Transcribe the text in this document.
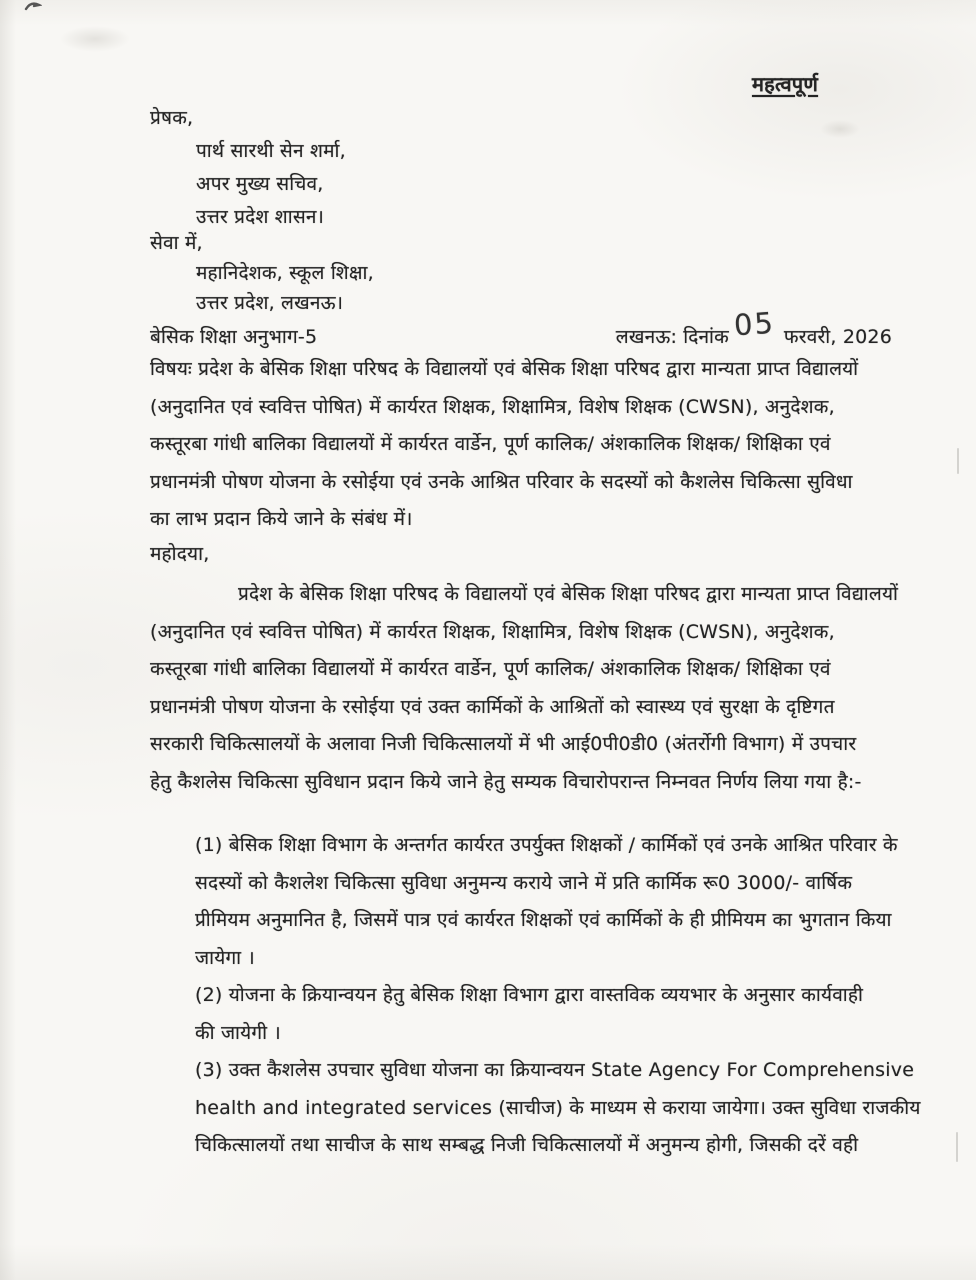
महत्वपूर्ण
प्रेषक,
पार्थ सारथी सेन शर्मा,
अपर मुख्य सचिव,
उत्तर प्रदेश शासन।
सेवा में,
महानिदेशक, स्कूल शिक्षा,
उत्तर प्रदेश, लखनऊ।
बेसिक शिक्षा अनुभाग-5	लखनऊ: दिनांक 05 फरवरी, 2026
विषयः प्रदेश के बेसिक शिक्षा परिषद के विद्यालयों एवं बेसिक शिक्षा परिषद द्वारा मान्यता प्राप्त विद्यालयों
(अनुदानित एवं स्ववित्त पोषित) में कार्यरत शिक्षक, शिक्षामित्र, विशेष शिक्षक (CWSN), अनुदेशक,
कस्तूरबा गांधी बालिका विद्यालयों में कार्यरत वार्डेन, पूर्ण कालिक/ अंशकालिक शिक्षक/ शिक्षिका एवं
प्रधानमंत्री पोषण योजना के रसोईया एवं उनके आश्रित परिवार के सदस्यों को कैशलेस चिकित्सा सुविधा
का लाभ प्रदान किये जाने के संबंध में।
महोदया,
प्रदेश के बेसिक शिक्षा परिषद के विद्यालयों एवं बेसिक शिक्षा परिषद द्वारा मान्यता प्राप्त विद्यालयों
(अनुदानित एवं स्ववित्त पोषित) में कार्यरत शिक्षक, शिक्षामित्र, विशेष शिक्षक (CWSN), अनुदेशक,
कस्तूरबा गांधी बालिका विद्यालयों में कार्यरत वार्डेन, पूर्ण कालिक/ अंशकालिक शिक्षक/ शिक्षिका एवं
प्रधानमंत्री पोषण योजना के रसोईया एवं उक्त कार्मिकों के आश्रितों को स्वास्थ्य एवं सुरक्षा के दृष्टिगत
सरकारी चिकित्सालयों के अलावा निजी चिकित्सालयों में भी आई0पी0डी0 (अंतर्रोगी विभाग) में उपचार
हेतु कैशलेस चिकित्सा सुविधान प्रदान किये जाने हेतु सम्यक विचारोपरान्त निम्नवत निर्णय लिया गया है:-
(1) बेसिक शिक्षा विभाग के अन्तर्गत कार्यरत उपर्युक्त शिक्षकों / कार्मिकों एवं उनके आश्रित परिवार के
सदस्यों को कैशलेश चिकित्सा सुविधा अनुमन्य कराये जाने में प्रति कार्मिक रू0 3000/- वार्षिक
प्रीमियम अनुमानित है, जिसमें पात्र एवं कार्यरत शिक्षकों एवं कार्मिकों के ही प्रीमियम का भुगतान किया
जायेगा ।
(2) योजना के क्रियान्वयन हेतु बेसिक शिक्षा विभाग द्वारा वास्तविक व्ययभार के अनुसार कार्यवाही
की जायेगी ।
(3) उक्त कैशलेस उपचार सुविधा योजना का क्रियान्वयन State Agency For Comprehensive
health and integrated services (साचीज) के माध्यम से कराया जायेगा। उक्त सुविधा राजकीय
चिकित्सालयों तथा साचीज के साथ सम्बद्ध निजी चिकित्सालयों में अनुमन्य होगी, जिसकी दरें वही
